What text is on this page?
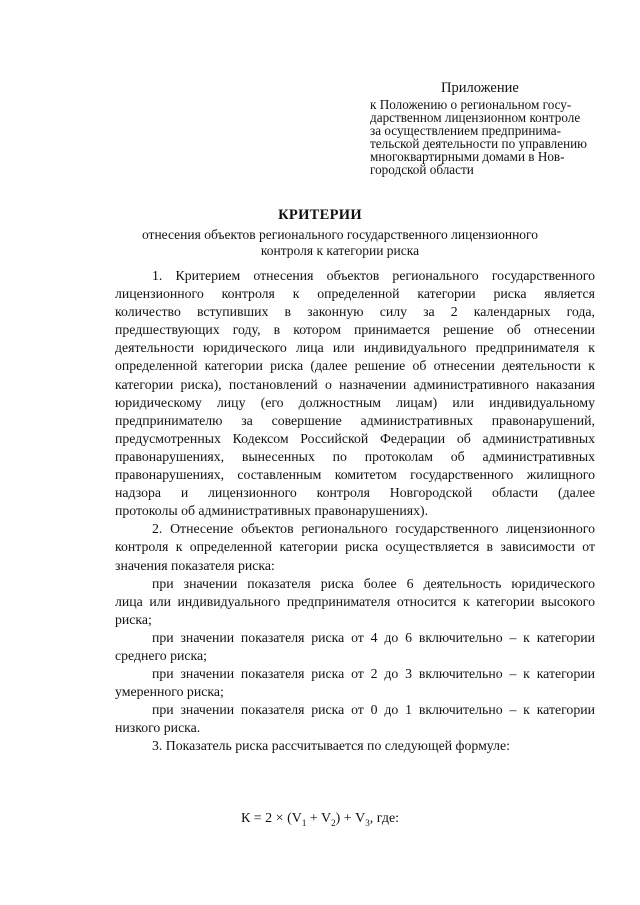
Приложение

к Положению о региональном госу-
дарственном лицензионном контроле
за осуществлением предпринима-
тельской деятельности по управлению
многоквартирными домами в Нов-
городской области
КРИТЕРИИ
отнесения объектов регионального государственного лицензионного
контроля к категории риска
1. Критерием отнесения объектов регионального государственного
лицензионного контроля к определенной категории риска является
количество вступивших в законную силу за 2 календарных года,
предшествующих году, в котором принимается решение об отнесении
деятельности юридического лица или индивидуального предпринимателя к
определенной категории риска (далее решение об отнесении деятельности к
категории риска), постановлений о назначении административного наказания
юридическому лицу (его должностным лицам) или индивидуальному
предпринимателю за совершение административных правонарушений,
предусмотренных Кодексом Российской Федерации об административных
правонарушениях, вынесенных по протоколам об административных
правонарушениях, составленным комитетом государственного жилищного
надзора и лицензионного контроля Новгородской области (далее
протоколы об административных правонарушениях).
2. Отнесение объектов регионального государственного лицензионного
контроля к определенной категории риска осуществляется в зависимости от
значения показателя риска:
при значении показателя риска более 6 деятельность юридического
лица или индивидуального предпринимателя относится к категории высокого
риска;
при значении показателя риска от 4 до 6 включительно – к категории
среднего риска;
при значении показателя риска от 2 до 3 включительно – к категории
умеренного риска;
при значении показателя риска от 0 до 1 включительно – к категории
низкого риска.
3. Показатель риска рассчитывается по следующей формуле:

$К = 2 \times (V_1 + V_2) + V_3$, где:
